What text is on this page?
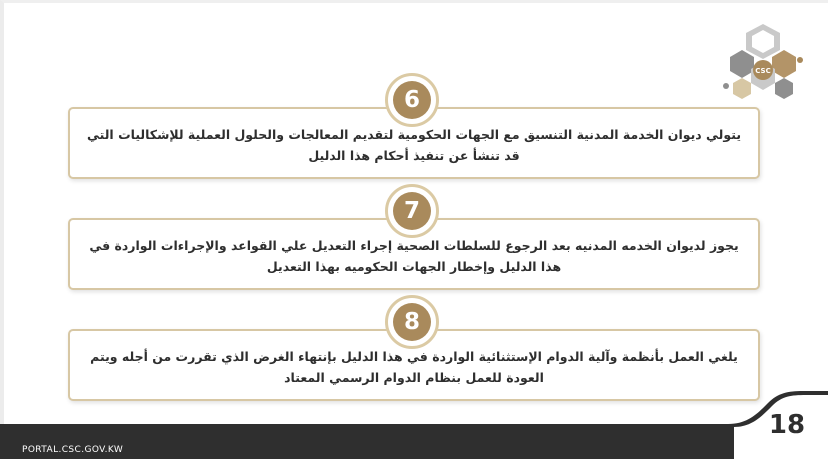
CSC
يتولي ديوان الخدمة المدنية التنسيق مع الجهات الحكومية لتقديم المعالجات والحلول العملية للإشكاليات التي قد تنشأ عن تنفيذ أحكام هذا الدليل
6
يجوز لديوان الخدمه المدنيه بعد الرجوع للسلطات الصحية إجراء التعديل علي القواعد والإجراءات الواردة في هذا الدليل وإخطار الجهات الحكوميه بهذا التعديل
7
يلغي العمل بأنظمة وآلية الدوام الإستثنائية الواردة في هذا الدليل بإنتهاء الغرض الذي تقررت من أجله ويتم العودة للعمل بنظام الدوام الرسمي المعتاد
8
18
PORTAL.CSC.GOV.KW
